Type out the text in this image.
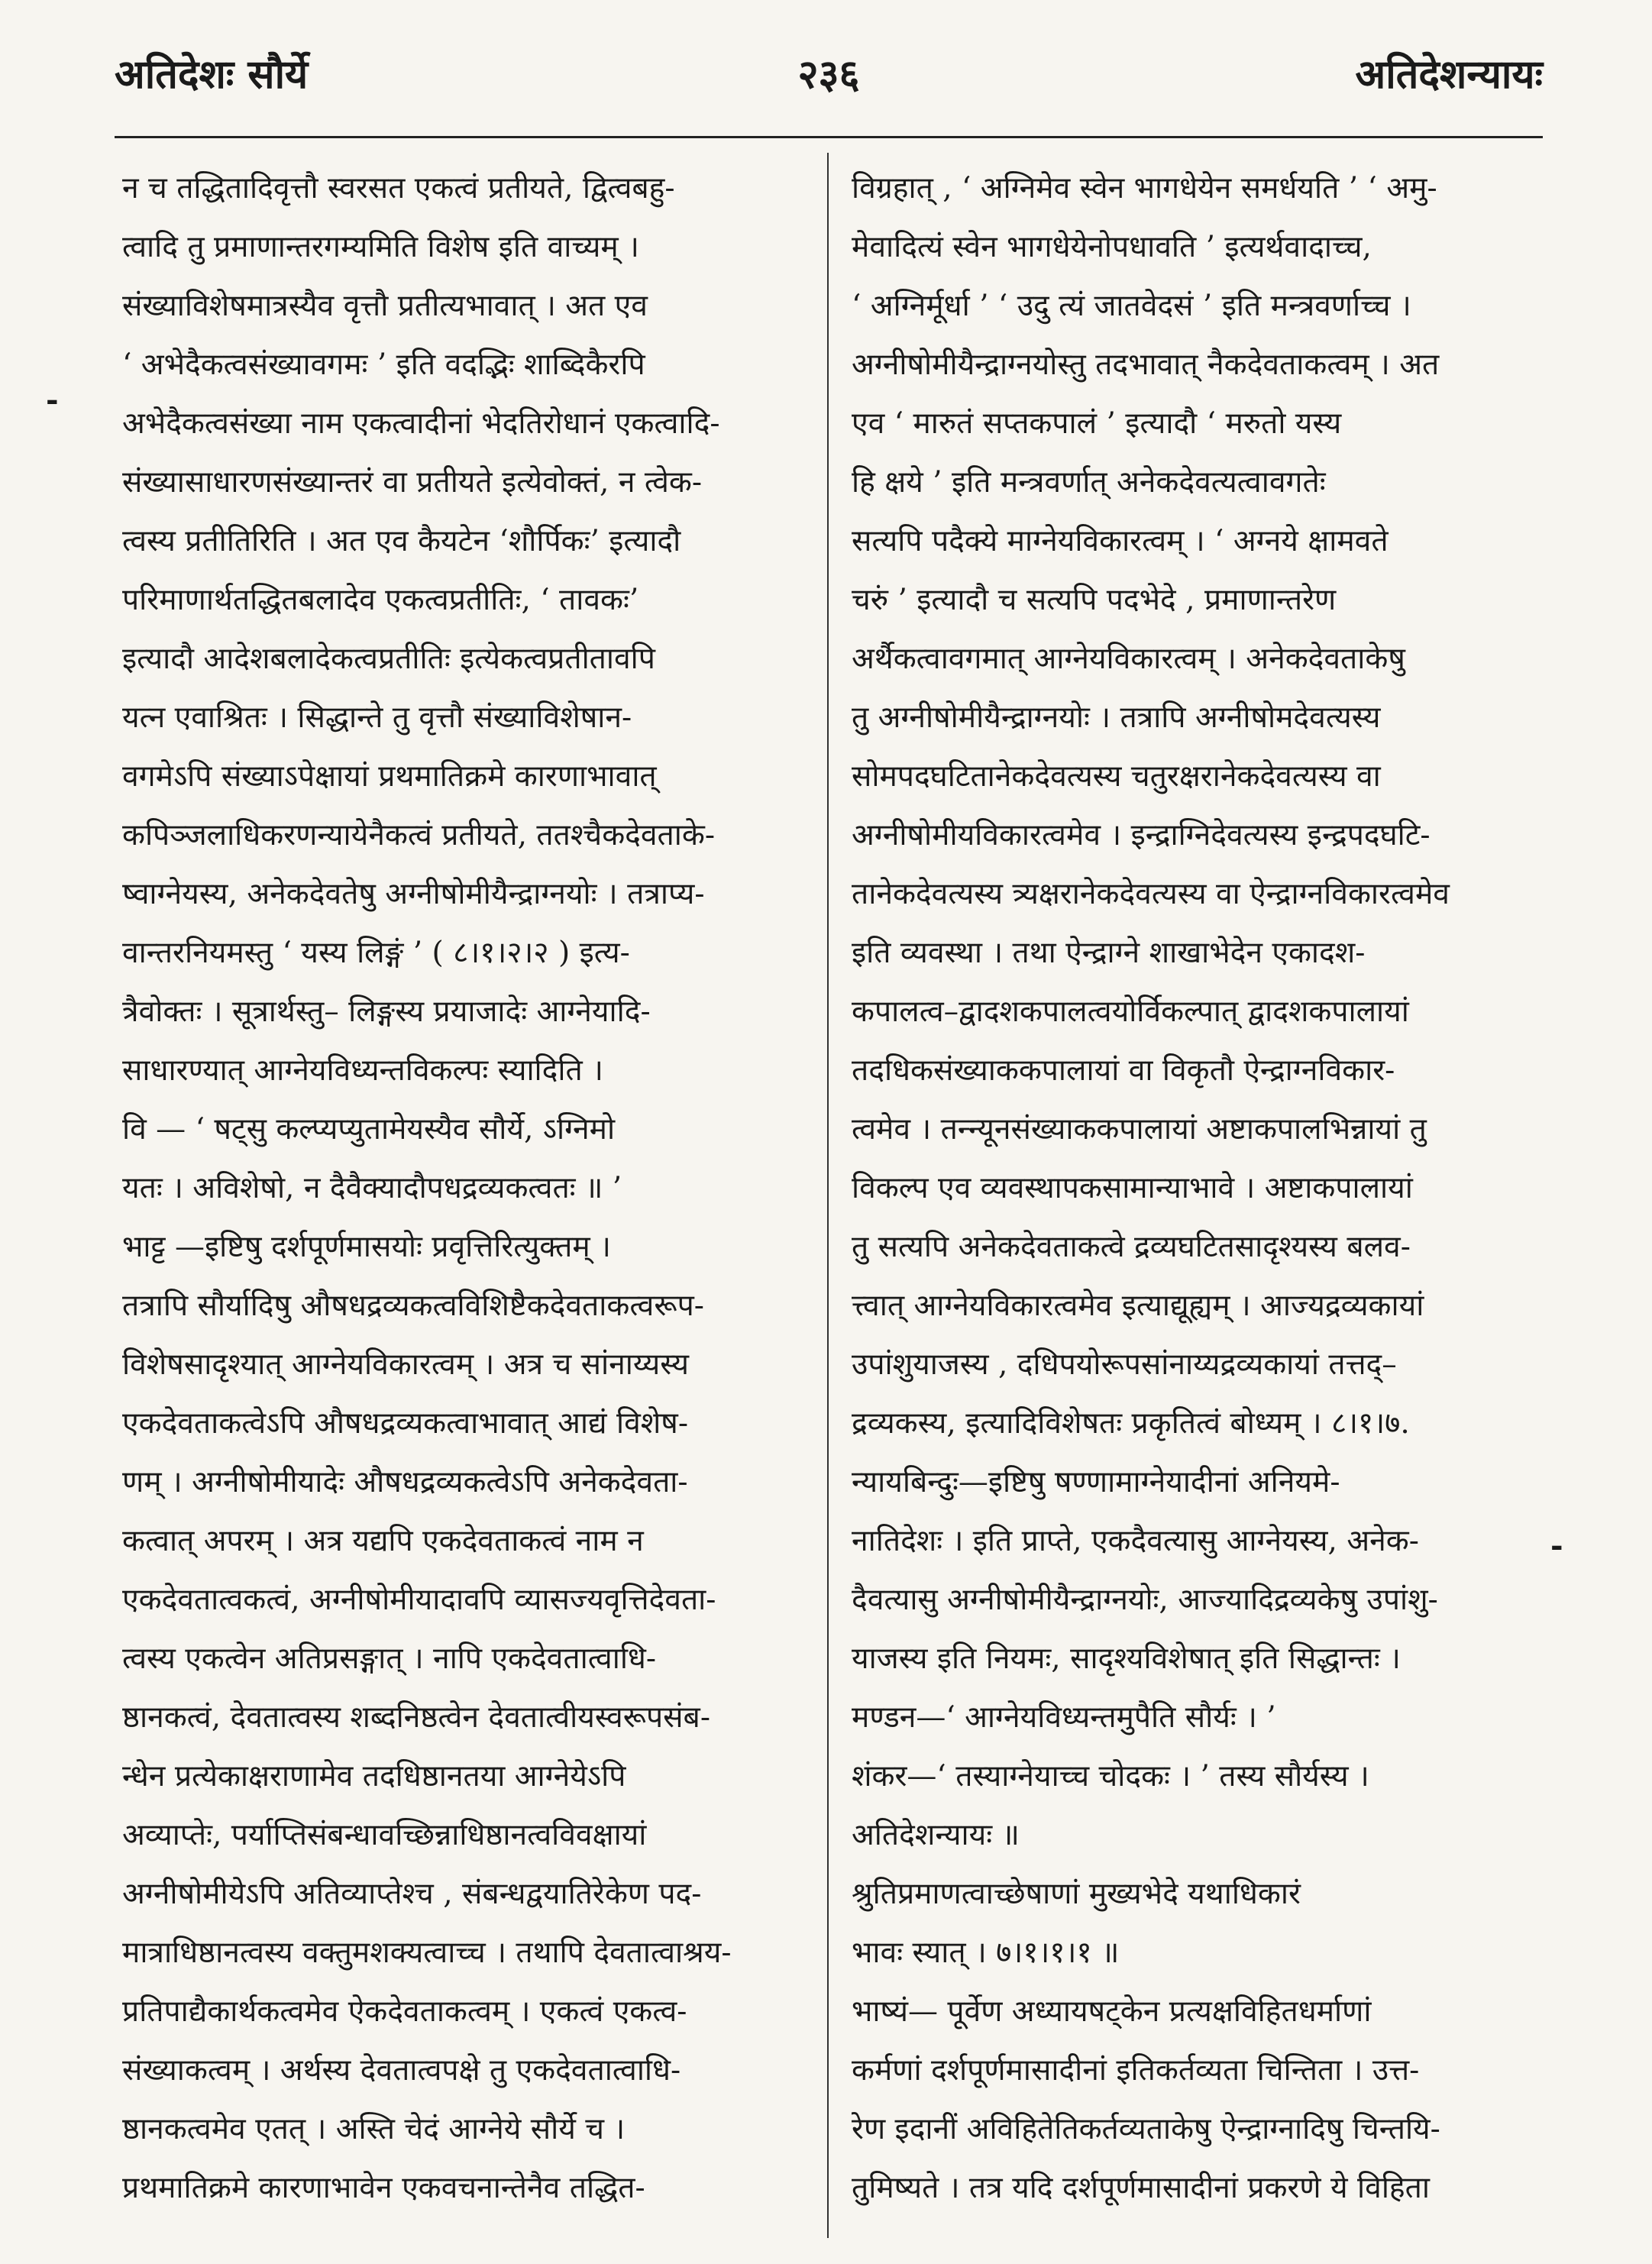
अतिदेशः सौर्ये	२३६	अतिदेशन्यायः
-
-
न च तद्धितादिवृत्तौ स्वरसत एकत्वं प्रतीयते, द्वित्वबहु-
त्वादि तु प्रमाणान्तरगम्यमिति विशेष इति वाच्यम् ।
संख्याविशेषमात्रस्यैव वृत्तौ प्रतीत्यभावात् । अत एव
‘ अभेदैकत्वसंख्यावगमः ’ इति वदद्भिः शाब्दिकैरपि
अभेदैकत्वसंख्या नाम एकत्वादीनां भेदतिरोधानं एकत्वादि-
संख्यासाधारणसंख्यान्तरं वा प्रतीयते इत्येवोक्तं, न त्वेक-
त्वस्य प्रतीतिरिति । अत एव कैयटेन ‘शौर्पिकः’ इत्यादौ
परिमाणार्थतद्धितबलादेव एकत्वप्रतीतिः, ‘ तावकः’
इत्यादौ आदेशबलादेकत्वप्रतीतिः इत्येकत्वप्रतीतावपि
यत्न एवाश्रितः । सिद्धान्ते तु वृत्तौ संख्याविशेषान-
वगमेऽपि संख्याऽपेक्षायां प्रथमातिक्रमे कारणाभावात्
कपिञ्जलाधिकरणन्यायेनैकत्वं प्रतीयते, ततश्चैकदेवताके-
ष्वाग्नेयस्य, अनेकदेवतेषु अग्नीषोमीयैन्द्राग्नयोः । तत्राप्य-
वान्तरनियमस्तु ‘ यस्य लिङ्गं ’ ( ८।१।२।२ ) इत्य-
त्रैवोक्तः । सूत्रार्थस्तु– लिङ्गस्य प्रयाजादेः आग्नेयादि-
साधारण्यात् आग्नेयविध्यन्तविकल्पः स्यादिति ।
वि — ‘ षट्सु कल्प्यप्युतामेयस्यैव सौर्ये, ऽग्निमो
यतः । अविशेषो, न दैवैक्यादौपधद्रव्यकत्वतः ॥ ’
भाट्ट —इष्टिषु दर्शपूर्णमासयोः प्रवृत्तिरित्युक्तम् ।
तत्रापि सौर्यादिषु औषधद्रव्यकत्वविशिष्टैकदेवताकत्वरूप-
विशेषसादृश्यात् आग्नेयविकारत्वम् । अत्र च सांनाय्यस्य
एकदेवताकत्वेऽपि औषधद्रव्यकत्वाभावात् आद्यं विशेष-
णम् । अग्नीषोमीयादेः औषधद्रव्यकत्वेऽपि अनेकदेवता-
कत्वात् अपरम् । अत्र यद्यपि एकदेवताकत्वं नाम न
एकदेवतात्वकत्वं, अग्नीषोमीयादावपि व्यासज्यवृत्तिदेवता-
त्वस्य एकत्वेन अतिप्रसङ्गात् । नापि एकदेवतात्वाधि-
ष्ठानकत्वं, देवतात्वस्य शब्दनिष्ठत्वेन देवतात्वीयस्वरूपसंब-
न्धेन प्रत्येकाक्षराणामेव तदधिष्ठानतया आग्नेयेऽपि
अव्याप्तेः, पर्याप्तिसंबन्धावच्छिन्नाधिष्ठानत्वविवक्षायां
अग्नीषोमीयेऽपि अतिव्याप्तेश्च , संबन्धद्वयातिरेकेण पद-
मात्राधिष्ठानत्वस्य वक्तुमशक्यत्वाच्च । तथापि देवतात्वाश्रय-
प्रतिपाद्यैकार्थकत्वमेव ऐकदेवताकत्वम् । एकत्वं एकत्व-
संख्याकत्वम् । अर्थस्य देवतात्वपक्षे तु एकदेवतात्वाधि-
ष्ठानकत्वमेव एतत् । अस्ति चेदं आग्नेये सौर्ये च ।
प्रथमातिक्रमे कारणाभावेन एकवचनान्तेनैव तद्धित-
विग्रहात् , ‘ अग्निमेव स्वेन भागधेयेन समर्धयति ’ ‘ अमु-
मेवादित्यं स्वेन भागधेयेनोपधावति ’ इत्यर्थवादाच्च,
‘ अग्निर्मूर्धा ’ ‘ उदु त्यं जातवेदसं ’ इति मन्त्रवर्णाच्च ।
अग्नीषोमीयैन्द्राग्नयोस्तु तदभावात् नैकदेवताकत्वम् । अत
एव ‘ मारुतं सप्तकपालं ’ इत्यादौ ‘ मरुतो यस्य
हि क्षये ’ इति मन्त्रवर्णात् अनेकदेवत्यत्वावगतेः
सत्यपि पदैक्ये माग्नेयविकारत्वम् । ‘ अग्नये क्षामवते
चरुं ’ इत्यादौ च सत्यपि पदभेदे , प्रमाणान्तरेण
अर्थैकत्वावगमात् आग्नेयविकारत्वम् । अनेकदेवताकेषु
तु अग्नीषोमीयैन्द्राग्नयोः । तत्रापि अग्नीषोमदेवत्यस्य
सोमपदघटितानेकदेवत्यस्य चतुरक्षरानेकदेवत्यस्य वा
अग्नीषोमीयविकारत्वमेव । इन्द्राग्निदेवत्यस्य इन्द्रपदघटि-
तानेकदेवत्यस्य त्र्यक्षरानेकदेवत्यस्य वा ऐन्द्राग्नविकारत्वमेव
इति व्यवस्था । तथा ऐन्द्राग्ने शाखाभेदेन एकादश-
कपालत्व–द्वादशकपालत्वयोर्विकल्पात् द्वादशकपालायां
तदधिकसंख्याककपालायां वा विकृतौ ऐन्द्राग्नविकार-
त्वमेव । तन्न्यूनसंख्याककपालायां अष्टाकपालभिन्नायां तु
विकल्प एव व्यवस्थापकसामान्याभावे । अष्टाकपालायां
तु सत्यपि अनेकदेवताकत्वे द्रव्यघटितसादृश्यस्य बलव-
त्त्वात् आग्नेयविकारत्वमेव इत्याद्यूह्यम् । आज्यद्रव्यकायां
उपांशुयाजस्य , दधिपयोरूपसांनाय्यद्रव्यकायां तत्तद्–
द्रव्यकस्य, इत्यादिविशेषतः प्रकृतित्वं बोध्यम् । ८।१।७.
न्यायबिन्दुः—इष्टिषु षण्णामाग्नेयादीनां अनियमे-
नातिदेशः । इति प्राप्ते, एकदैवत्यासु आग्नेयस्य, अनेक-
दैवत्यासु अग्नीषोमीयैन्द्राग्नयोः, आज्यादिद्रव्यकेषु उपांशु-
याजस्य इति नियमः, सादृश्यविशेषात् इति सिद्धान्तः ।
मण्डन—‘ आग्नेयविध्यन्तमुपैति सौर्यः । ’
शंकर—‘ तस्याग्नेयाच्च चोदकः । ’ तस्य सौर्यस्य ।
अतिदेशन्यायः ॥
श्रुतिप्रमाणत्वाच्छेषाणां मुख्यभेदे यथाधिकारं
भावः स्यात् । ७।१।१।१ ॥
भाष्यं— पूर्वेण अध्यायषट्केन प्रत्यक्षविहितधर्माणां
कर्मणां दर्शपूर्णमासादीनां इतिकर्तव्यता चिन्तिता । उत्त-
रेण इदानीं अविहितेतिकर्तव्यताकेषु ऐन्द्राग्नादिषु चिन्तयि-
तुमिष्यते । तत्र यदि दर्शपूर्णमासादीनां प्रकरणे ये विहिता
